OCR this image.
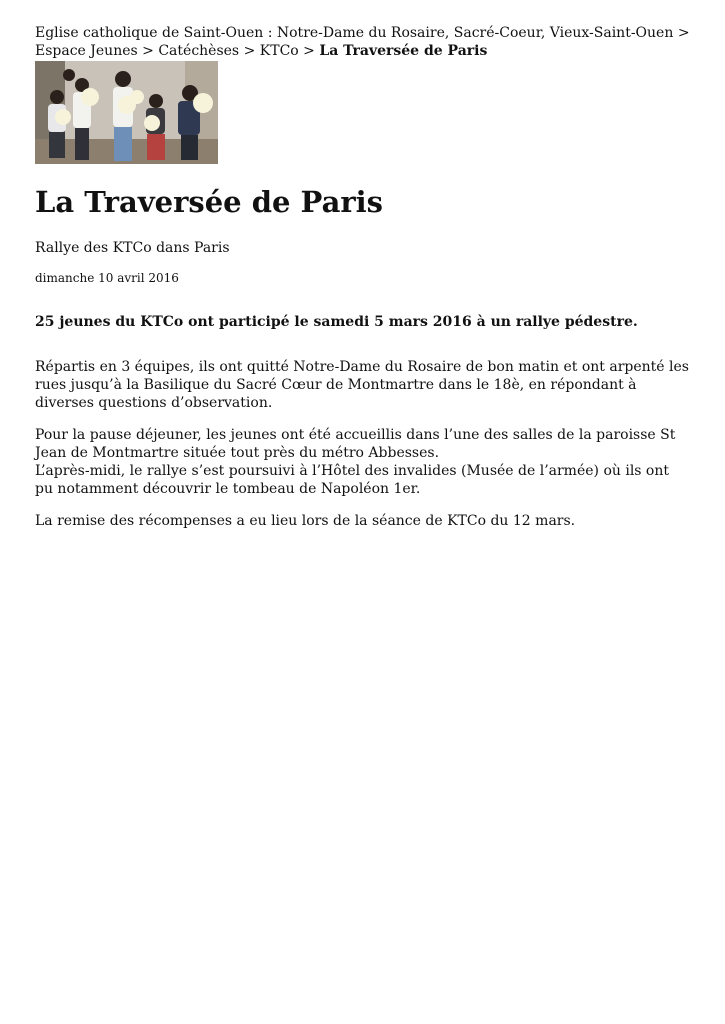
Eglise catholique de Saint-Ouen : Notre-Dame du Rosaire, Sacré-Coeur, Vieux-Saint-Ouen > Espace Jeunes > Catéchèses > KTCo > La Traversée de Paris

La Traversée de Paris

Rallye des KTCo dans Paris

dimanche 10 avril 2016

25 jeunes du KTCo ont participé le samedi 5 mars 2016 à un rallye pédestre.

Répartis en 3 équipes, ils ont quitté Notre-Dame du Rosaire de bon matin et ont arpenté les rues jusqu’à la Basilique du Sacré Cœur de Montmartre dans le 18è, en répondant à diverses questions d’observation.

Pour la pause déjeuner, les jeunes ont été accueillis dans l’une des salles de la paroisse St Jean de Montmartre située tout près du métro Abbesses.
L’après-midi, le rallye s’est poursuivi à l’Hôtel des invalides (Musée de l’armée) où ils ont pu notamment découvrir le tombeau de Napoléon 1er.

La remise des récompenses a eu lieu lors de la séance de KTCo du 12 mars.
